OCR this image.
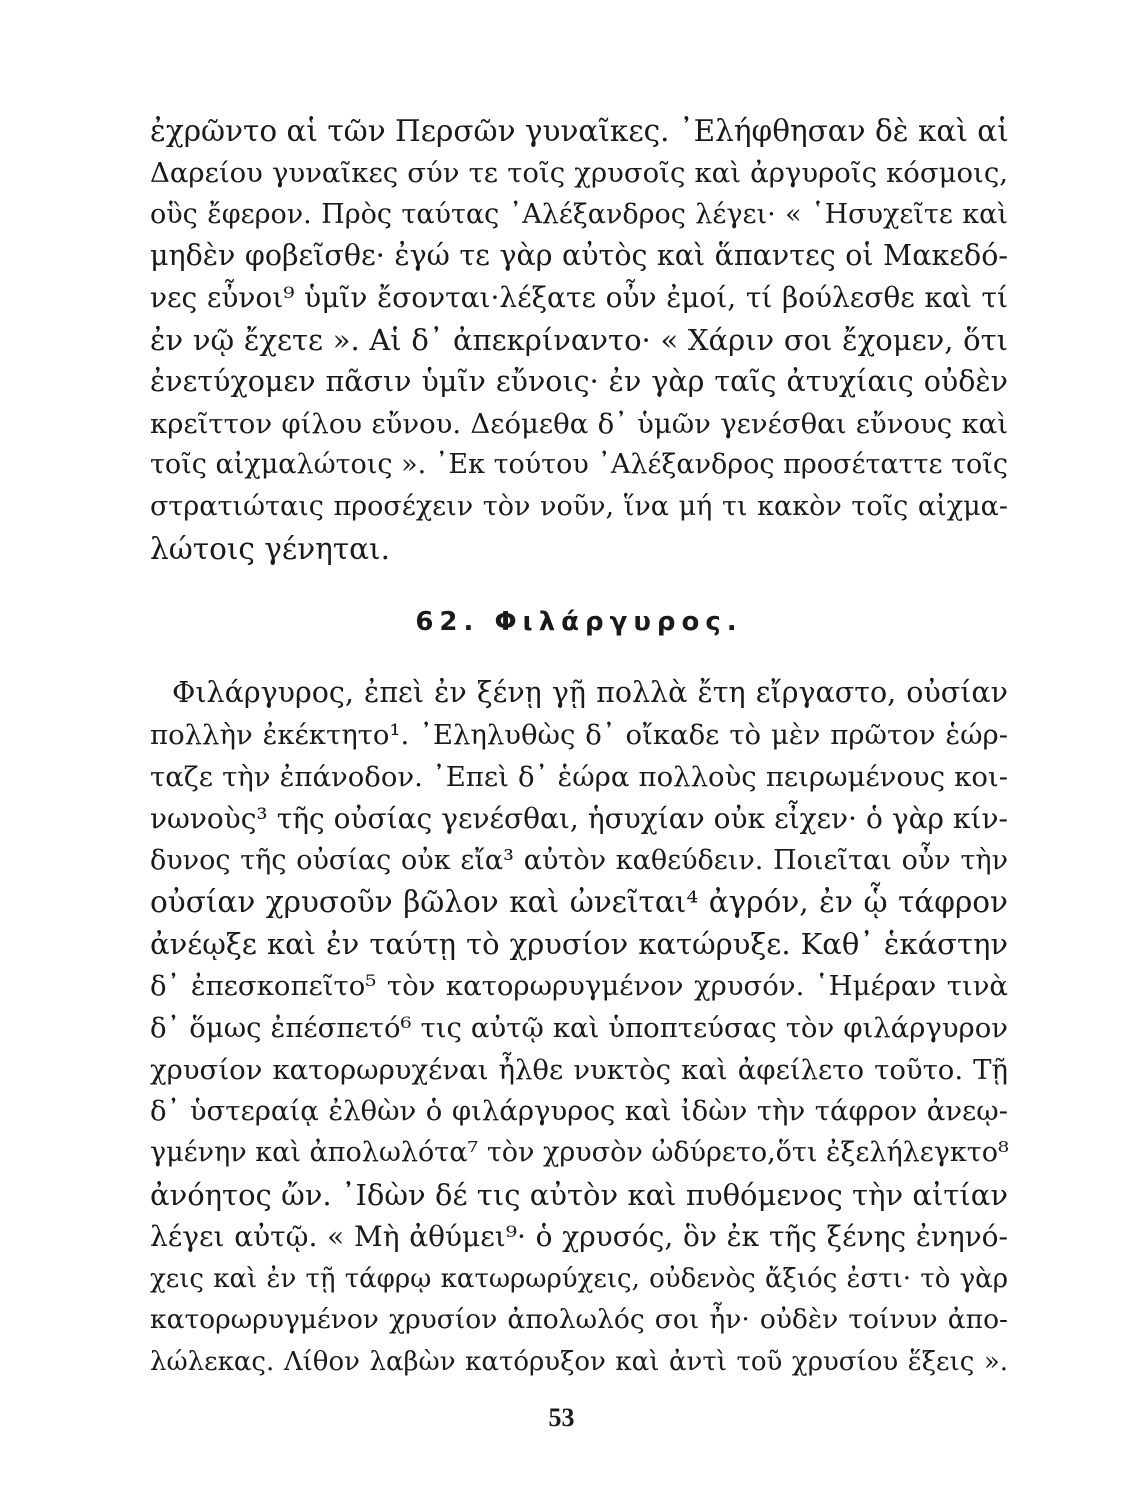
ἐχρῶντο αἱ τῶν Περσῶν γυναῖκες. ᾿Ελήφθησαν δὲ καὶ αἱ
Δαρείου γυναῖκες σύν τε τοῖς χρυσοῖς καὶ ἀργυροῖς κόσμοις,
οὓς ἔφερον. Πρὸς ταύτας ᾿Αλέξανδρος λέγει· « ῾Ησυχεῖτε καὶ
μηδὲν φοβεῖσθε· ἐγώ τε γὰρ αὐτὸς καὶ ἅπαντες οἱ Μακεδό-
νες εὖνοι⁹ ὑμῖν ἔσονται·λέξατε οὖν ἐμοί, τί βούλεσθε καὶ τί
ἐν νῷ ἔχετε ». Αἱ δ᾿ ἀπεκρίναντο· « Χάριν σοι ἔχομεν, ὅτι
ἐνετύχομεν πᾶσιν ὑμῖν εὔνοις· ἐν γὰρ ταῖς ἀτυχίαις οὐδὲν
κρεῖττον φίλου εὔνου. Δεόμεθα δ᾿ ὑμῶν γενέσθαι εὔνους καὶ
τοῖς αἰχμαλώτοις ». ᾿Εκ τούτου ᾿Αλέξανδρος προσέταττε τοῖς
στρατιώταις προσέχειν τὸν νοῦν, ἵνα μή τι κακὸν τοῖς αἰχμα-
λώτοις γένηται.
62. Φιλάργυρος.
Φιλάργυρος, ἐπεὶ ἐν ξένῃ γῇ πολλὰ ἔτη εἴργαστο, οὐσίαν
πολλὴν ἐκέκτητο¹. ᾿Εληλυθὼς δ᾿ οἴκαδε τὸ μὲν πρῶτον ἑώρ-
ταζε τὴν ἐπάνοδον. ᾿Επεὶ δ᾿ ἑώρα πολλοὺς πειρωμένους κοι-
νωνοὺς³ τῆς οὐσίας γενέσθαι, ἡσυχίαν οὐκ εἶχεν· ὁ γὰρ κίν-
δυνος τῆς οὐσίας οὐκ εἴα³ αὐτὸν καθεύδειν. Ποιεῖται οὖν τὴν
οὐσίαν χρυσοῦν βῶλον καὶ ὠνεῖται⁴ ἀγρόν, ἐν ᾧ τάφρον
ἀνέῳξε καὶ ἐν ταύτῃ τὸ χρυσίον κατώρυξε. Καθ᾿ ἑκάστην
δ᾿ ἐπεσκοπεῖτο⁵ τὸν κατορωρυγμένον χρυσόν. ῾Ημέραν τινὰ
δ᾿ ὅμως ἐπέσπετό⁶ τις αὐτῷ καὶ ὑποπτεύσας τὸν φιλάργυρον
χρυσίον κατορωρυχέναι ἦλθε νυκτὸς καὶ ἀφείλετο τοῦτο. Τῇ
δ᾿ ὑστεραίᾳ ἐλθὼν ὁ φιλάργυρος καὶ ἰδὼν τὴν τάφρον ἀνεῳ-
γμένην καὶ ἀπολωλότα⁷ τὸν χρυσὸν ὠδύρετο,ὅτι ἐξελήλεγκτο⁸
ἀνόητος ὤν. ᾿Ιδὼν δέ τις αὐτὸν καὶ πυθόμενος τὴν αἰτίαν
λέγει αὐτῷ. « Μὴ ἀθύμει⁹· ὁ χρυσός, ὃν ἐκ τῆς ξένης ἐνηνό-
χεις καὶ ἐν τῇ τάφρῳ κατωρωρύχεις, οὐδενὸς ἄξιός ἐστι· τὸ γὰρ
κατορωρυγμένον χρυσίον ἀπολωλός σοι ἦν· οὐδὲν τοίνυν ἀπο-
λώλεκας. Λίθον λαβὼν κατόρυξον καὶ ἀντὶ τοῦ χρυσίου ἕξεις ».
53
